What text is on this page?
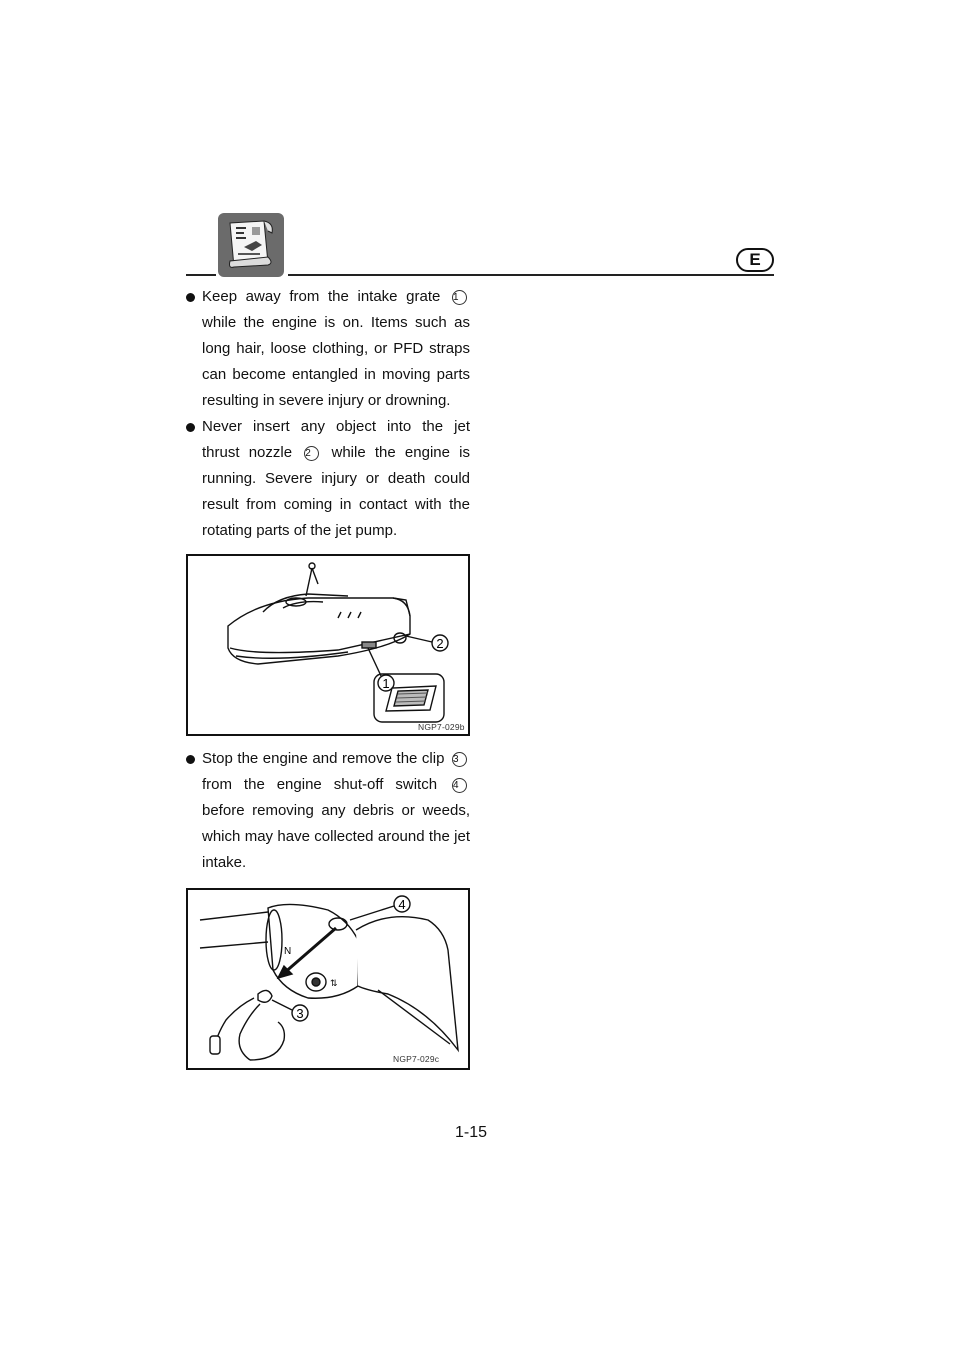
E
Keep away from the intake grate 1 while the engine is on. Items such as long hair, loose clothing, or PFD straps can become entangled in moving parts resulting in severe injury or drowning.
Never insert any object into the jet thrust nozzle 2 while the engine is running. Severe injury or death could result from coming in contact with the rotating parts of the jet pump.
2
1
NGP7-029b
Stop the engine and remove the clip 3 from the engine shut-off switch 4 before removing any debris or weeds, which may have collected around the jet intake.
N
⇅
4
3
NGP7-029c
1-15
